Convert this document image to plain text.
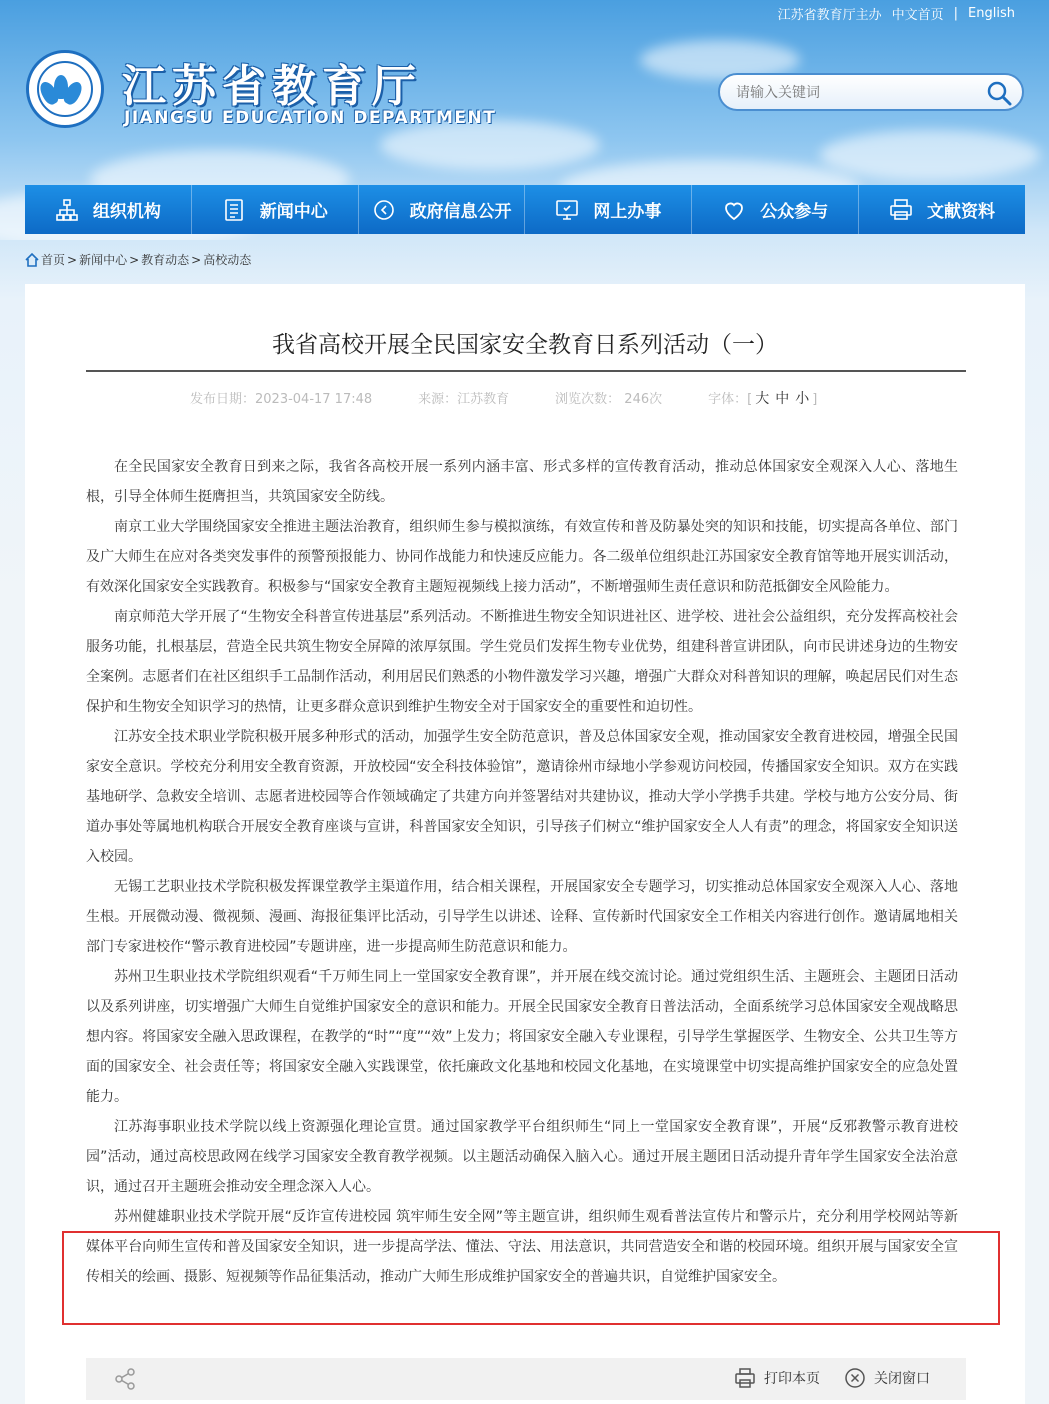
江苏省教育厅主办 中文首页 | English
江苏省教育厅
JIANGSU EDUCATION DEPARTMENT
请输入关键词
组织机构	新闻中心	政府信息公开	网上办事	公众参与	文献资料
首页 > 新闻中心 > 教育动态 > 高校动态
我省高校开展全民国家安全教育日系列活动（一）
发布日期：2023-04-17 17:48	来源：江苏教育	浏览次数： 246次	字体：[ 大 中 小 ]

在全民国家安全教育日到来之际，我省各高校开展一系列内涵丰富、形式多样的宣传教育活动，推动总体国家安全观深入人心、落地生根，引导全体师生挺膺担当，共筑国家安全防线。

南京工业大学围绕国家安全推进主题法治教育，组织师生参与模拟演练，有效宣传和普及防暴处突的知识和技能，切实提高各单位、部门及广大师生在应对各类突发事件的预警预报能力、协同作战能力和快速反应能力。各二级单位组织赴江苏国家安全教育馆等地开展实训活动，有效深化国家安全实践教育。积极参与“国家安全教育主题短视频线上接力活动”，不断增强师生责任意识和防范抵御安全风险能力。

南京师范大学开展了“生物安全科普宣传进基层”系列活动。不断推进生物安全知识进社区、进学校、进社会公益组织，充分发挥高校社会服务功能，扎根基层，营造全民共筑生物安全屏障的浓厚氛围。学生党员们发挥生物专业优势，组建科普宣讲团队，向市民讲述身边的生物安全案例。志愿者们在社区组织手工品制作活动，利用居民们熟悉的小物件激发学习兴趣，增强广大群众对科普知识的理解，唤起居民们对生态保护和生物安全知识学习的热情，让更多群众意识到维护生物安全对于国家安全的重要性和迫切性。

江苏安全技术职业学院积极开展多种形式的活动，加强学生安全防范意识，普及总体国家安全观，推动国家安全教育进校园，增强全民国家安全意识。学校充分利用安全教育资源，开放校园“安全科技体验馆”，邀请徐州市绿地小学参观访问校园，传播国家安全知识。双方在实践基地研学、急救安全培训、志愿者进校园等合作领域确定了共建方向并签署结对共建协议，推动大学小学携手共建。学校与地方公安分局、街道办事处等属地机构联合开展安全教育座谈与宣讲，科普国家安全知识，引导孩子们树立“维护国家安全人人有责”的理念，将国家安全知识送入校园。

无锡工艺职业技术学院积极发挥课堂教学主渠道作用，结合相关课程，开展国家安全专题学习，切实推动总体国家安全观深入人心、落地生根。开展微动漫、微视频、漫画、海报征集评比活动，引导学生以讲述、诠释、宣传新时代国家安全工作相关内容进行创作。邀请属地相关部门专家进校作“警示教育进校园”专题讲座，进一步提高师生防范意识和能力。

苏州卫生职业技术学院组织观看“千万师生同上一堂国家安全教育课”，并开展在线交流讨论。通过党组织生活、主题班会、主题团日活动以及系列讲座，切实增强广大师生自觉维护国家安全的意识和能力。开展全民国家安全教育日普法活动，全面系统学习总体国家安全观战略思想内容。将国家安全融入思政课程，在教学的“时”“度”“效”上发力；将国家安全融入专业课程，引导学生掌握医学、生物安全、公共卫生等方面的国家安全、社会责任等；将国家安全融入实践课堂，依托廉政文化基地和校园文化基地，在实境课堂中切实提高维护国家安全的应急处置能力。

江苏海事职业技术学院以线上资源强化理论宣贯。通过国家教学平台组织师生“同上一堂国家安全教育课”，开展“反邪教警示教育进校园”活动，通过高校思政网在线学习国家安全教育教学视频。以主题活动确保入脑入心。通过开展主题团日活动提升青年学生国家安全法治意识，通过召开主题班会推动安全理念深入人心。

苏州健雄职业技术学院开展“反诈宣传进校园 筑牢师生安全网”等主题宣讲，组织师生观看普法宣传片和警示片，充分利用学校网站等新媒体平台向师生宣传和普及国家安全知识，进一步提高学法、懂法、守法、用法意识，共同营造安全和谐的校园环境。组织开展与国家安全宣传相关的绘画、摄影、短视频等作品征集活动，推动广大师生形成维护国家安全的普遍共识，自觉维护国家安全。

打印本页	关闭窗口
